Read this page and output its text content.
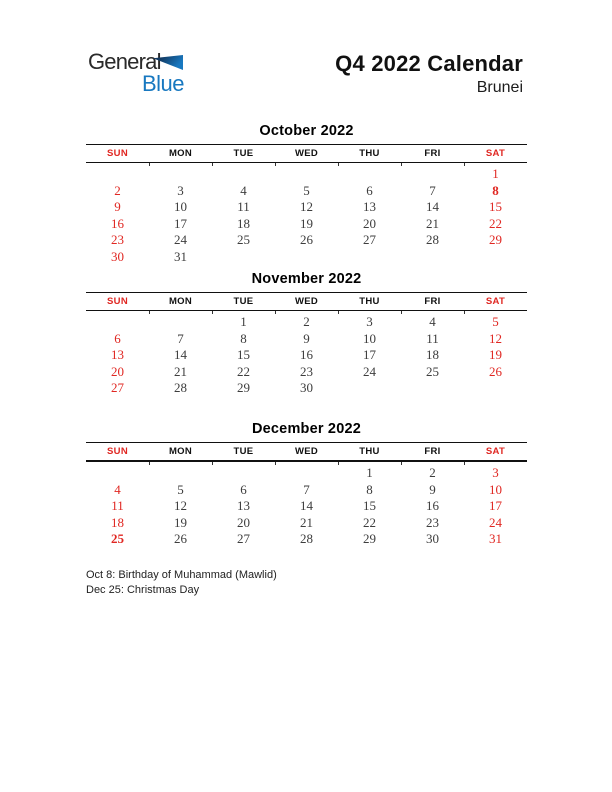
General
Blue
Q4 2022 Calendar
Brunei
October 2022
SUN	MON	TUE	WED	THU	FRI	SAT

						1
2	3	4	5	6	7	8
9	10	11	12	13	14	15
16	17	18	19	20	21	22
23	24	25	26	27	28	29
30	31					
November 2022
SUN	MON	TUE	WED	THU	FRI	SAT

		1	2	3	4	5
6	7	8	9	10	11	12
13	14	15	16	17	18	19
20	21	22	23	24	25	26
27	28	29	30			
December 2022
SUN	MON	TUE	WED	THU	FRI	SAT

				1	2	3
4	5	6	7	8	9	10
11	12	13	14	15	16	17
18	19	20	21	22	23	24
25	26	27	28	29	30	31
Oct 8: Birthday of Muhammad (Mawlid)
Dec 25: Christmas Day
